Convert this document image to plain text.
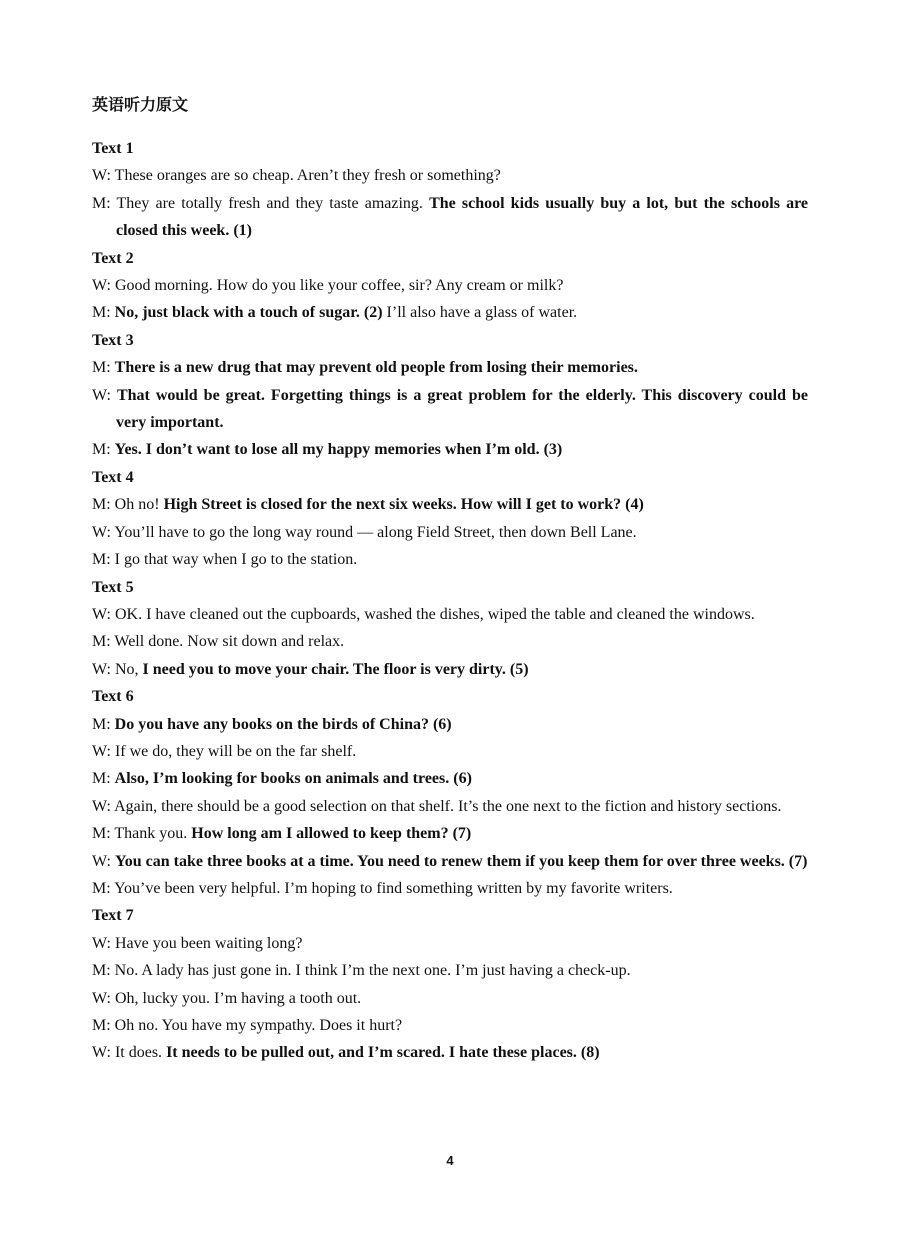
英语听力原文
Text 1
W: These oranges are so cheap. Aren’t they fresh or something?
M: They are totally fresh and they taste amazing. The school kids usually buy a lot, but the schools are closed this week. (1)
Text 2
W: Good morning. How do you like your coffee, sir? Any cream or milk?
M: No, just black with a touch of sugar. (2) I’ll also have a glass of water.
Text 3
M: There is a new drug that may prevent old people from losing their memories.
W: That would be great. Forgetting things is a great problem for the elderly. This discovery could be very important.
M: Yes. I don’t want to lose all my happy memories when I’m old. (3)
Text 4
M: Oh no! High Street is closed for the next six weeks. How will I get to work? (4)
W: You’ll have to go the long way round — along Field Street, then down Bell Lane.
M: I go that way when I go to the station.
Text 5
W: OK. I have cleaned out the cupboards, washed the dishes, wiped the table and cleaned the windows.
M: Well done. Now sit down and relax.
W: No, I need you to move your chair. The floor is very dirty. (5)
Text 6
M: Do you have any books on the birds of China? (6)
W: If we do, they will be on the far shelf.
M: Also, I’m looking for books on animals and trees. (6)
W: Again, there should be a good selection on that shelf. It’s the one next to the fiction and history sections.
M: Thank you. How long am I allowed to keep them? (7)
W: You can take three books at a time. You need to renew them if you keep them for over three weeks. (7)
M: You’ve been very helpful. I’m hoping to find something written by my favorite writers.
Text 7
W: Have you been waiting long?
M: No. A lady has just gone in. I think I’m the next one. I’m just having a check-up.
W: Oh, lucky you. I’m having a tooth out.
M: Oh no. You have my sympathy. Does it hurt?
W: It does. It needs to be pulled out, and I’m scared. I hate these places. (8)
4
